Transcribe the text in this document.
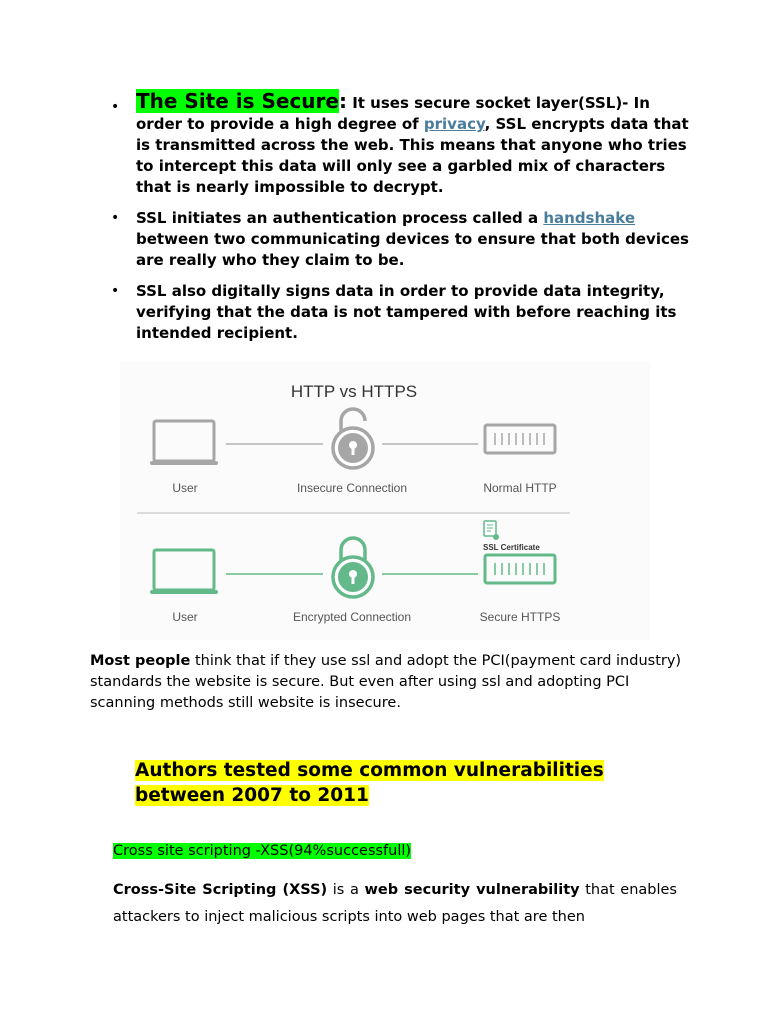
• The Site is Secure: It uses secure socket layer(SSL)- In order to provide a high degree of privacy, SSL encrypts data that is transmitted across the web. This means that anyone who tries to intercept this data will only see a garbled mix of characters that is nearly impossible to decrypt.
• SSL initiates an authentication process called a handshake between two communicating devices to ensure that both devices are really who they claim to be.
• SSL also digitally signs data in order to provide data integrity, verifying that the data is not tampered with before reaching its intended recipient.
HTTP vs HTTPS
User	Insecure Connection	Normal HTTP
SSL Certificate
User	Encrypted Connection	Secure HTTPS

Most people think that if they use ssl and adopt the PCI(payment card industry) standards the website is secure. But even after using ssl and adopting PCI scanning methods still website is insecure.

Authors tested some common vulnerabilities between 2007 to 2011

Cross site scripting -XSS(94%successfull)

Cross-Site Scripting (XSS) is a web security vulnerability that enables attackers to inject malicious scripts into web pages that are then
